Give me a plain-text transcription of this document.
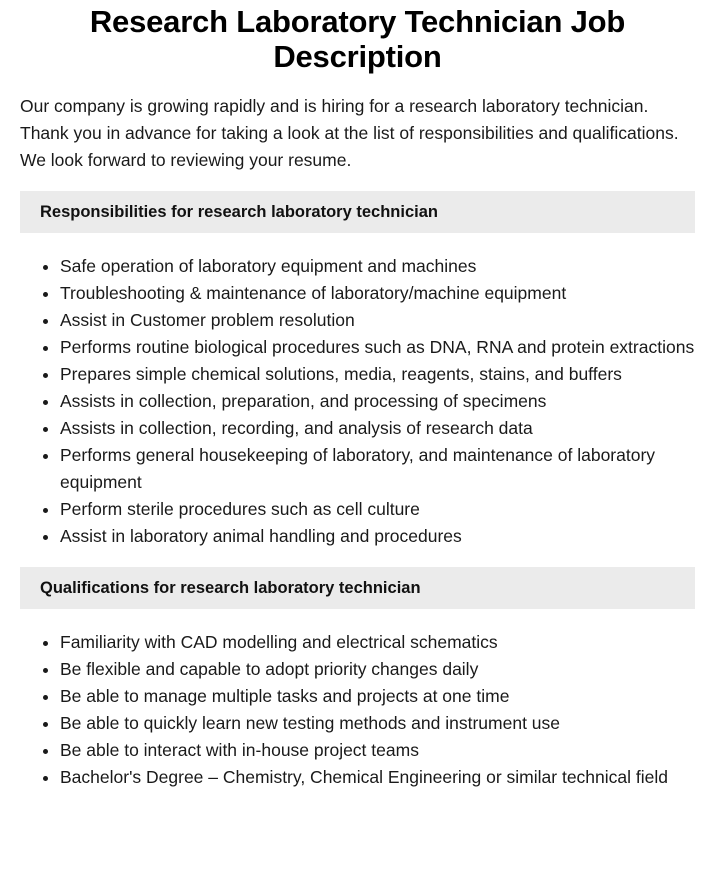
Research Laboratory Technician Job Description

Our company is growing rapidly and is hiring for a research laboratory technician. Thank you in advance for taking a look at the list of responsibilities and qualifications. We look forward to reviewing your resume.

Responsibilities for research laboratory technician
Safe operation of laboratory equipment and machines
Troubleshooting & maintenance of laboratory/machine equipment
Assist in Customer problem resolution
Performs routine biological procedures such as DNA, RNA and protein extractions
Prepares simple chemical solutions, media, reagents, stains, and buffers
Assists in collection, preparation, and processing of specimens
Assists in collection, recording, and analysis of research data
Performs general housekeeping of laboratory, and maintenance of laboratory equipment
Perform sterile procedures such as cell culture
Assist in laboratory animal handling and procedures
Qualifications for research laboratory technician
Familiarity with CAD modelling and electrical schematics
Be flexible and capable to adopt priority changes daily
Be able to manage multiple tasks and projects at one time
Be able to quickly learn new testing methods and instrument use
Be able to interact with in-house project teams
Bachelor's Degree – Chemistry, Chemical Engineering or similar technical field
